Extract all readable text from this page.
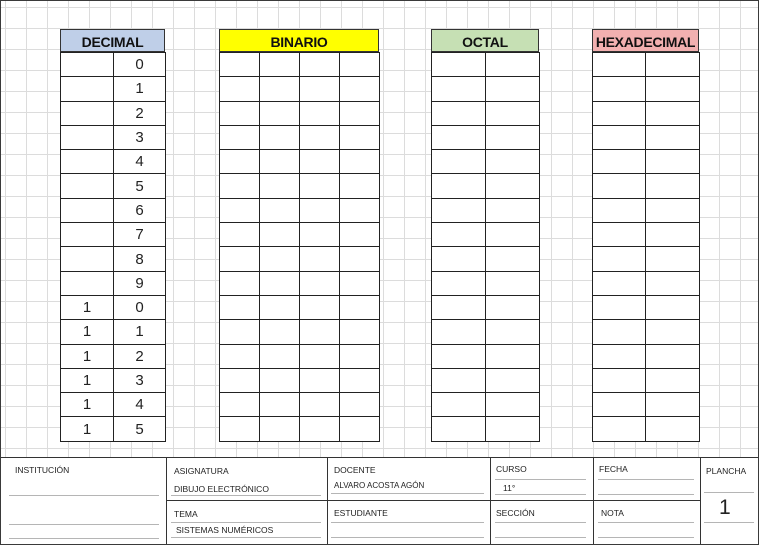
DECIMAL
	0
	1
	2
	3
	4
	5
	6
	7
	8
	9
1	0
1	1
1	2
1	3
1	4
1	5
BINARIO

				OCTAL

		HEXADECIMAL

INSTITUCIÓN	ASIGNATURA
DIBUJO ELECTRÓNICO
DOCENTE
ALVARO ACOSTA AGÓN
CURSO
11°
FECHA	PLANCHA
1
TEMA
SISTEMAS NUMÉRICOS
ESTUDIANTE	SECCIÓN	NOTA
